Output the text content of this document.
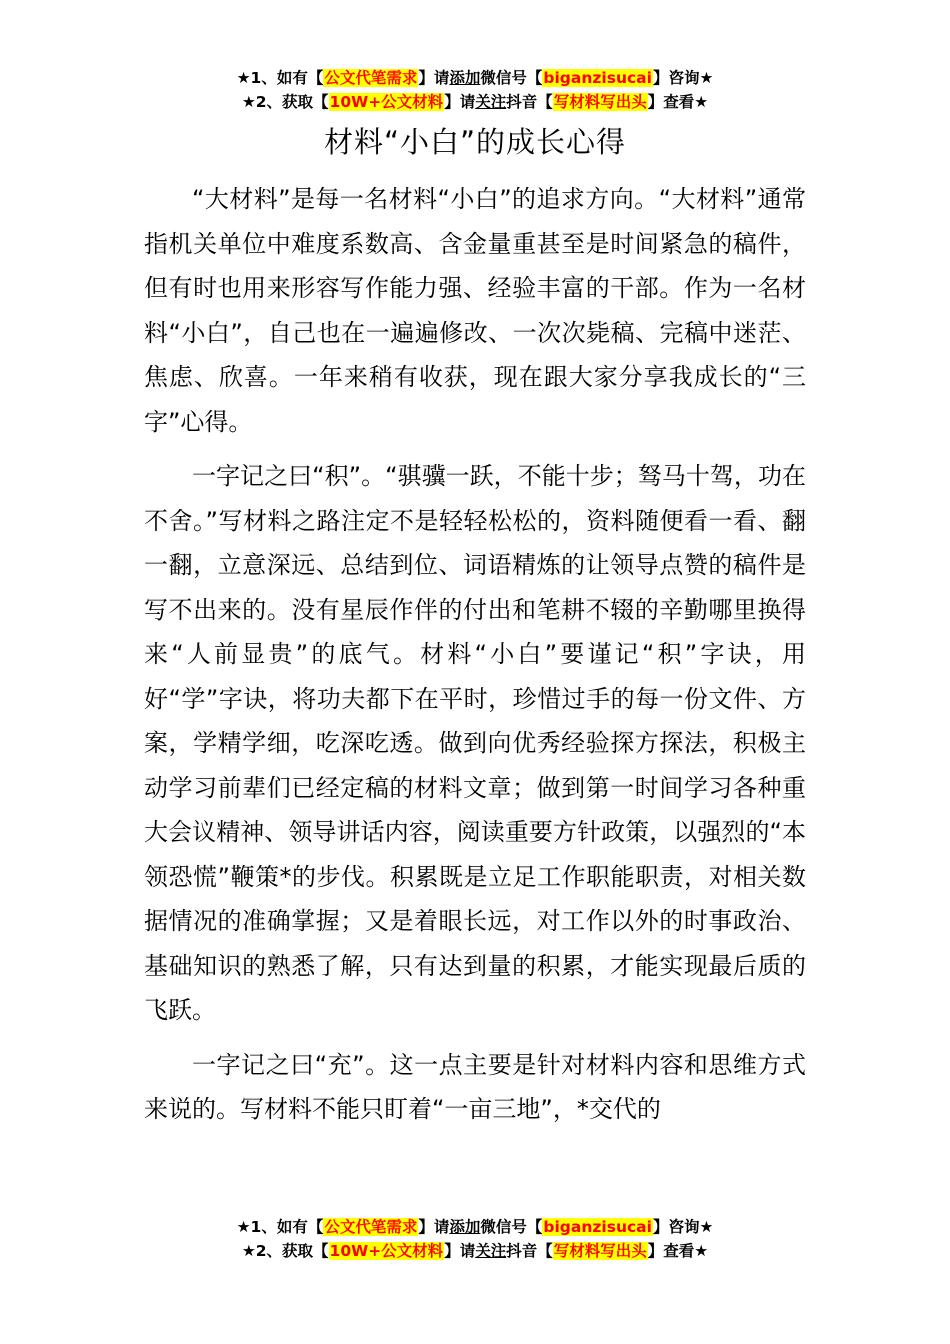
★1、如有【公文代笔需求】请添加微信号【biganzisucai】咨询★
★2、获取【10W+公文材料】请关注抖音【写材料写出头】查看★
材料“小白”的成长心得

“大材料”是每一名材料“小白”的追求方向。“大材料”通常指机关单位中难度系数高、含金量重甚至是时间紧急的稿件，但有时也用来形容写作能力强、经验丰富的干部。作为一名材料“小白”，自己也在一遍遍修改、一次次毙稿、完稿中迷茫、焦虑、欣喜。一年来稍有收获，现在跟大家分享我成长的“三字”心得。

一字记之曰“积”。“骐骥一跃，不能十步；驽马十驾，功在不舍。”写材料之路注定不是轻轻松松的，资料随便看一看、翻一翻，立意深远、总结到位、词语精炼的让领导点赞的稿件是写不出来的。没有星辰作伴的付出和笔耕不辍的辛勤哪里换得来“人前显贵”的底气。材料“小白”要谨记“积”字诀，用好“学”字诀，将功夫都下在平时，珍惜过手的每一份文件、方案，学精学细，吃深吃透。做到向优秀经验探方探法，积极主动学习前辈们已经定稿的材料文章；做到第一时间学习各种重大会议精神、领导讲话内容，阅读重要方针政策，以强烈的“本领恐慌”鞭策*的步伐。积累既是立足工作职能职责，对相关数据情况的准确掌握；又是着眼长远，对工作以外的时事政治、基础知识的熟悉了解，只有达到量的积累，才能实现最后质的飞跃。

一字记之曰“充”。这一点主要是针对材料内容和思维方式来说的。写材料不能只盯着“一亩三地”，*交代的

★1、如有【公文代笔需求】请添加微信号【biganzisucai】咨询★
★2、获取【10W+公文材料】请关注抖音【写材料写出头】查看★
